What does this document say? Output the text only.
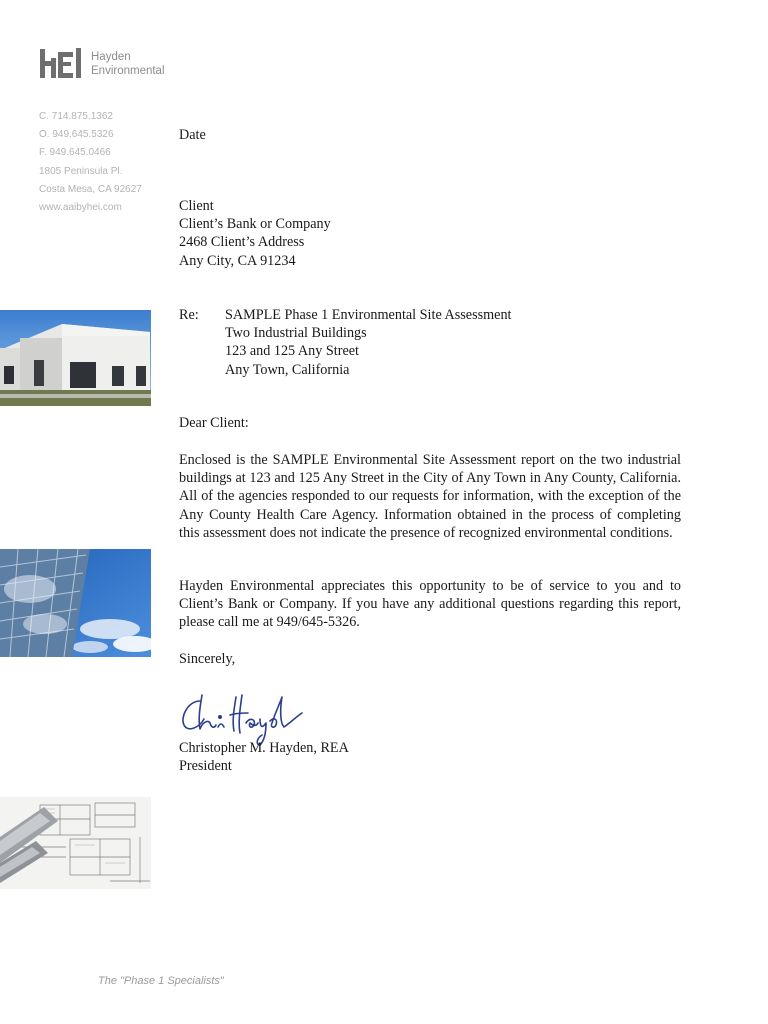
Hayden
Environmental
C. 714.875.1362
O. 949.645.5326
F. 949.645.0466
1805 Peninsula Pl.
Costa Mesa, CA 92627
www.aaibyhei.com
Date
Client
Client’s Bank or Company
2468 Client’s Address
Any City, CA 91234
Re: SAMPLE Phase 1 Environmental Site Assessment
Two Industrial Buildings
123 and 125 Any Street
Any Town, California
Dear Client:

Enclosed is the SAMPLE Environmental Site Assessment report on the two industrial buildings at 123 and 125 Any Street in the City of Any Town in Any County, California. All of the agencies responded to our requests for information, with the exception of the Any County Health Care Agency. Information obtained in the process of completing this assessment does not indicate the presence of recognized environmental conditions.

Hayden Environmental appreciates this opportunity to be of service to you and to Client’s Bank or Company. If you have any additional questions regarding this report, please call me at 949/645-5326.

Sincerely,
Christopher M. Hayden, REA
President
The "Phase 1 Specialists"
